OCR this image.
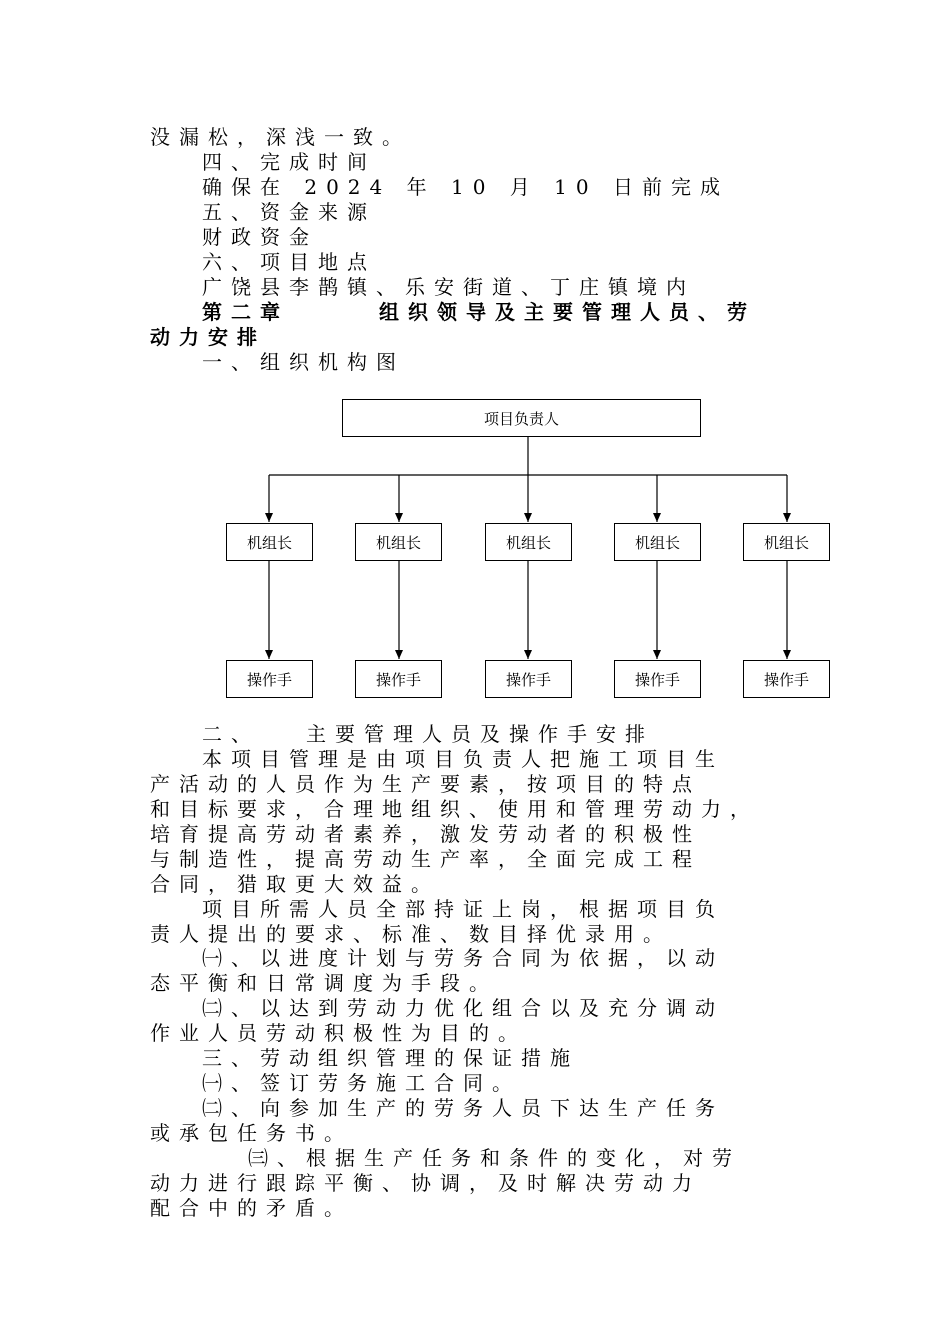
没漏松，深浅一致。
四、完成时间
确保在 2024 年 10 月 10 日前完成
五、资金来源
财政资金
六、项目地点
广饶县李鹊镇、乐安街道、丁庄镇境内
第二章	组织领导及主要管理人员、劳
动力安排
一、组织机构图
项目负责人
机组长	机组长	机组长	机组长	机组长
操作手	操作手	操作手	操作手	操作手
二、 主要管理人员及操作手安排
本项目管理是由项目负责人把施工项目生
产活动的人员作为生产要素，按项目的特点
和目标要求，合理地组织、使用和管理劳动力，
培育提高劳动者素养，激发劳动者的积极性
与制造性，提高劳动生产率，全面完成工程
合同，猎取更大效益。
项目所需人员全部持证上岗，根据项目负
责人提出的要求、标准、数目择优录用。
㈠、以进度计划与劳务合同为依据，以动
态平衡和日常调度为手段。
㈡、以达到劳动力优化组合以及充分调动
作业人员劳动积极性为目的。
三、劳动组织管理的保证措施
㈠、签订劳务施工合同。
㈡、向参加生产的劳务人员下达生产任务
或承包任务书。
㈢、根据生产任务和条件的变化，对劳
动力进行跟踪平衡、协调，及时解决劳动力
配合中的矛盾。
